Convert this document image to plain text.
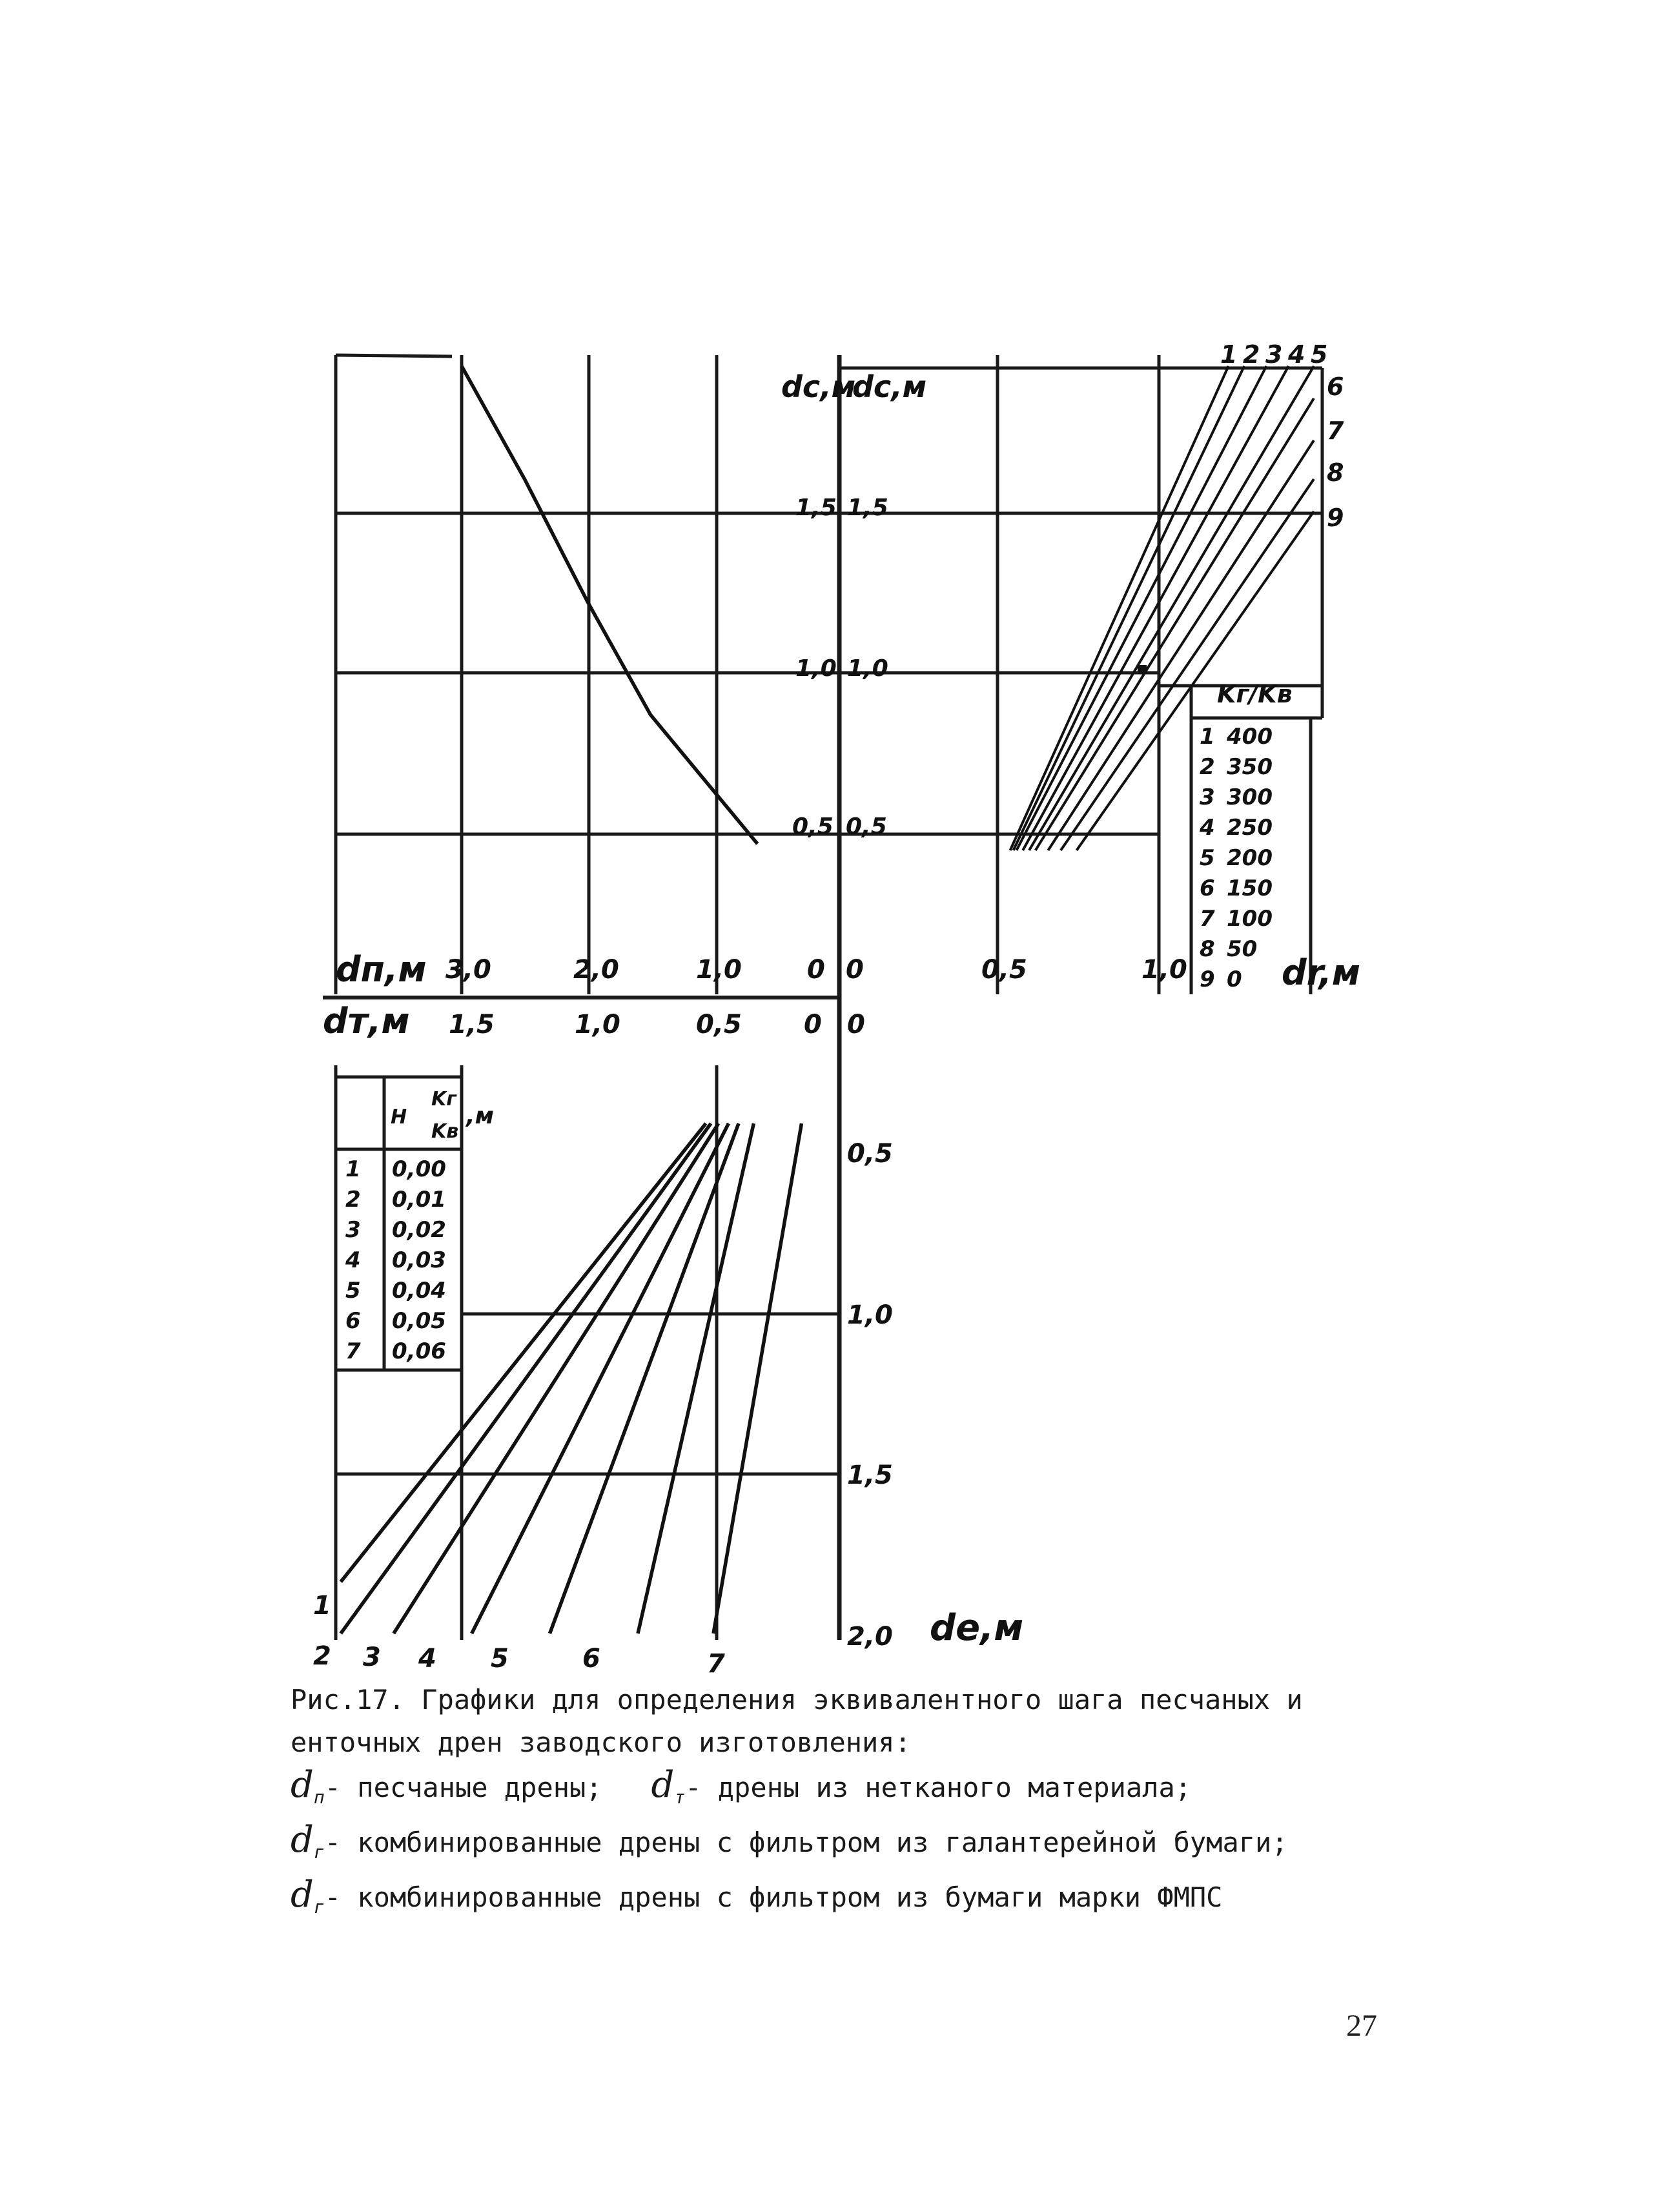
dc,м
dc,м
1,5
1,0
0,5
1,5
1,0
0,5
1 2 3 4 5
6
7
8
9
Kг/Kв
1 400
2 350
3 300
4 250
5 200
6 150
7 100
8 50
9 0
dп,м 3,0	2,0	1,0	0 0	0,5	1,0	dr,м
dт,м 1,5	1,0	0,5 0 0
0,5
1,0
1,5
2,0 dе,м
H
Kг
Kв
,м
1 0,00
2 0,01
3 0,02
4 0,03
5 0,04
6 0,05
7 0,06
1
2 3 4 5	6	7
Рис.17. Графики для определения эквивалентного шага песчаных и
енточных дрен заводского изготовления:
$d_п-$ песчаные дрены; $d_т-$ дрены из нетканого материала;
$d_г-$ комбинированные дрены с фильтром из галантерейной бумаги;
$d_г-$ комбинированные дрены с фильтром из бумаги марки ФМПС
27
